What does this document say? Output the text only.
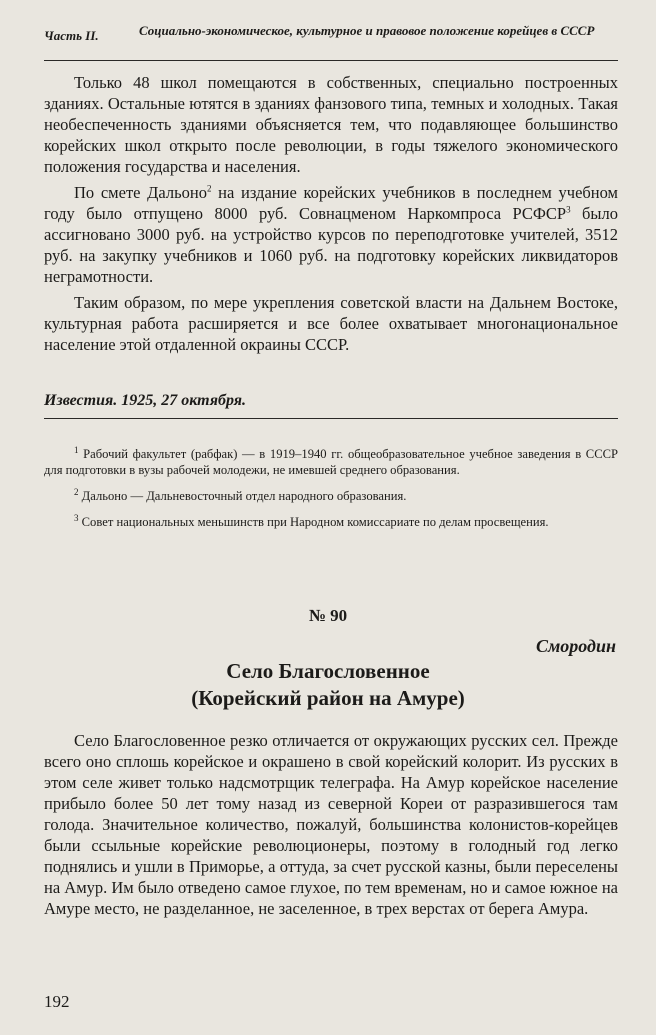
Часть II.	Социально-экономическое, культурное и правовое положение корейцев в СССР

Только 48 школ помещаются в собственных, специально построенных зданиях. Остальные ютятся в зданиях фанзового типа, темных и холодных. Такая необеспеченность зданиями объясняется тем, что подавляющее большинство корейских школ открыто после революции, в годы тяжелого экономического положения государства и населения.

По смете Дальоно$^2$ на издание корейских учебников в последнем учебном году было отпущено 8000 руб. Совнацменом Наркомпроса РСФСР$^3$ было ассигновано 3000 руб. на устройство курсов по переподготовке учителей, 3512 руб. на закупку учебников и 1060 руб. на подготовку корейских ликвидаторов неграмотности.

Таким образом, по мере укрепления советской власти на Дальнем Востоке, культурная работа расширяется и все более охватывает многонациональное население этой отдаленной окраины СССР.

Известия. 1925, 27 октября.

$^1$ Рабочий факультет (рабфак) — в 1919–1940 гг. общеобразовательное учебное заведения в СССР для подготовки в вузы рабочей молодежи, не имевшей среднего образования.

$^2$ Дальоно — Дальневосточный отдел народного образования.

$^3$ Совет национальных меньшинств при Народном комиссариате по делам просвещения.

№ 90
Смородин
Село Благословенное
(Корейский район на Амуре)

Село Благословенное резко отличается от окружающих русских сел. Прежде всего оно сплошь корейское и окрашено в свой корейский колорит. Из русских в этом селе живет только надсмотрщик телеграфа. На Амур корейское население прибыло более 50 лет тому назад из северной Кореи от разразившегося там голода. Значительное количество, пожалуй, большинства колонистов-корейцев были ссыльные корейские революционеры, поэтому в голодный год легко поднялись и ушли в Приморье, а оттуда, за счет русской казны, были переселены на Амур. Им было отведено самое глухое, по тем временам, но и самое южное на Амуре место, не разделанное, не заселенное, в трех верстах от берега Амура.

192
